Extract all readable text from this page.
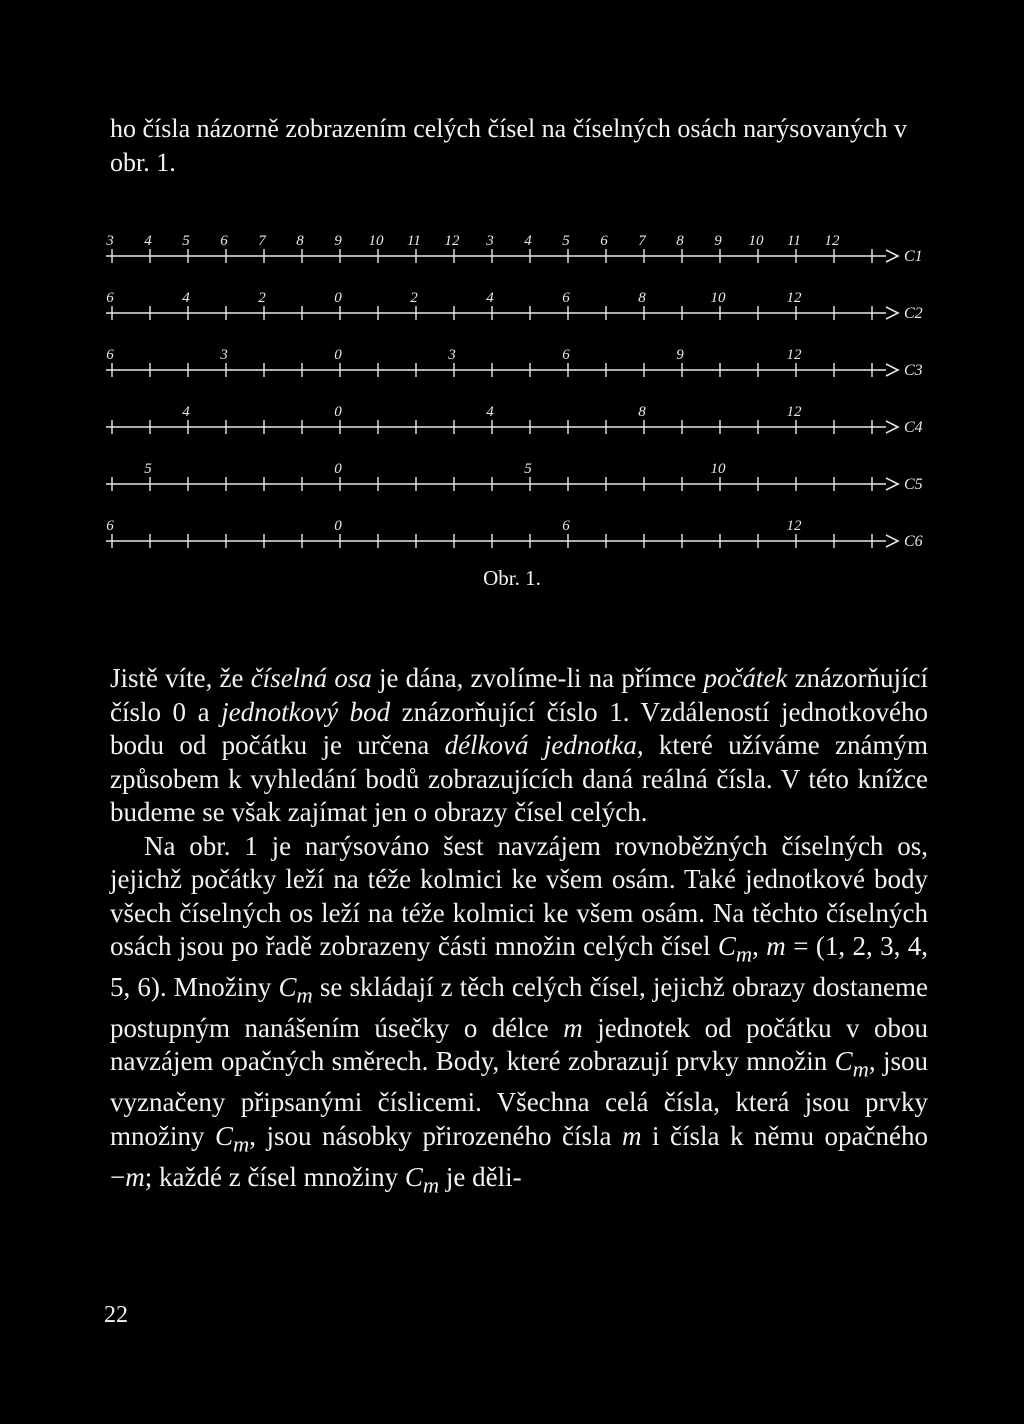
ho čísla názorně zobrazením celých čísel na číselných osách narýsovaných v obr. 1.

3 4 5 6 7 8 9 10 11 12 3 4 5 6 7 8 9 10 11 12
C1
6	4	2	0	2	4	6	8	10	12
C2
6	3	0	3	6	9	12
C3
4	0	4	8	12
C4
5	0	5	10
C5
6	0	6	12
C6

Obr. 1.

Jistě víte, že číselná osa je dána, zvolíme-li na přímce počátek znázorňující číslo 0 a jednotkový bod znázorňující číslo 1. Vzdáleností jednotkového bodu od počátku je určena délková jednotka, které užíváme známým způsobem k vyhledání bodů zobrazujících daná reálná čísla. V této knížce budeme se však zajímat jen o obrazy čísel celých.

Na obr. 1 je narýsováno šest navzájem rovnoběžných číselných os, jejichž počátky leží na téže kolmici ke všem osám. Také jednotkové body všech číselných os leží na téže kolmici ke všem osám. Na těchto číselných osách jsou po řadě zobrazeny části množin celých čísel $C_m$, m = (1, 2, 3, 4, 5, 6). Množiny $C_m$ se skládají z těch celých čísel, jejichž obrazy dostaneme postupným nanášením úsečky o délce m jednotek od počátku v obou navzájem opačných směrech. Body, které zobrazují prvky množin $C_m$, jsou vyznačeny připsanými číslicemi. Všechna celá čísla, která jsou prvky množiny $C_m$, jsou násobky přirozeného čísla m i čísla k němu opačného −m; každé z čísel množiny $C_m$ je děli-

22
